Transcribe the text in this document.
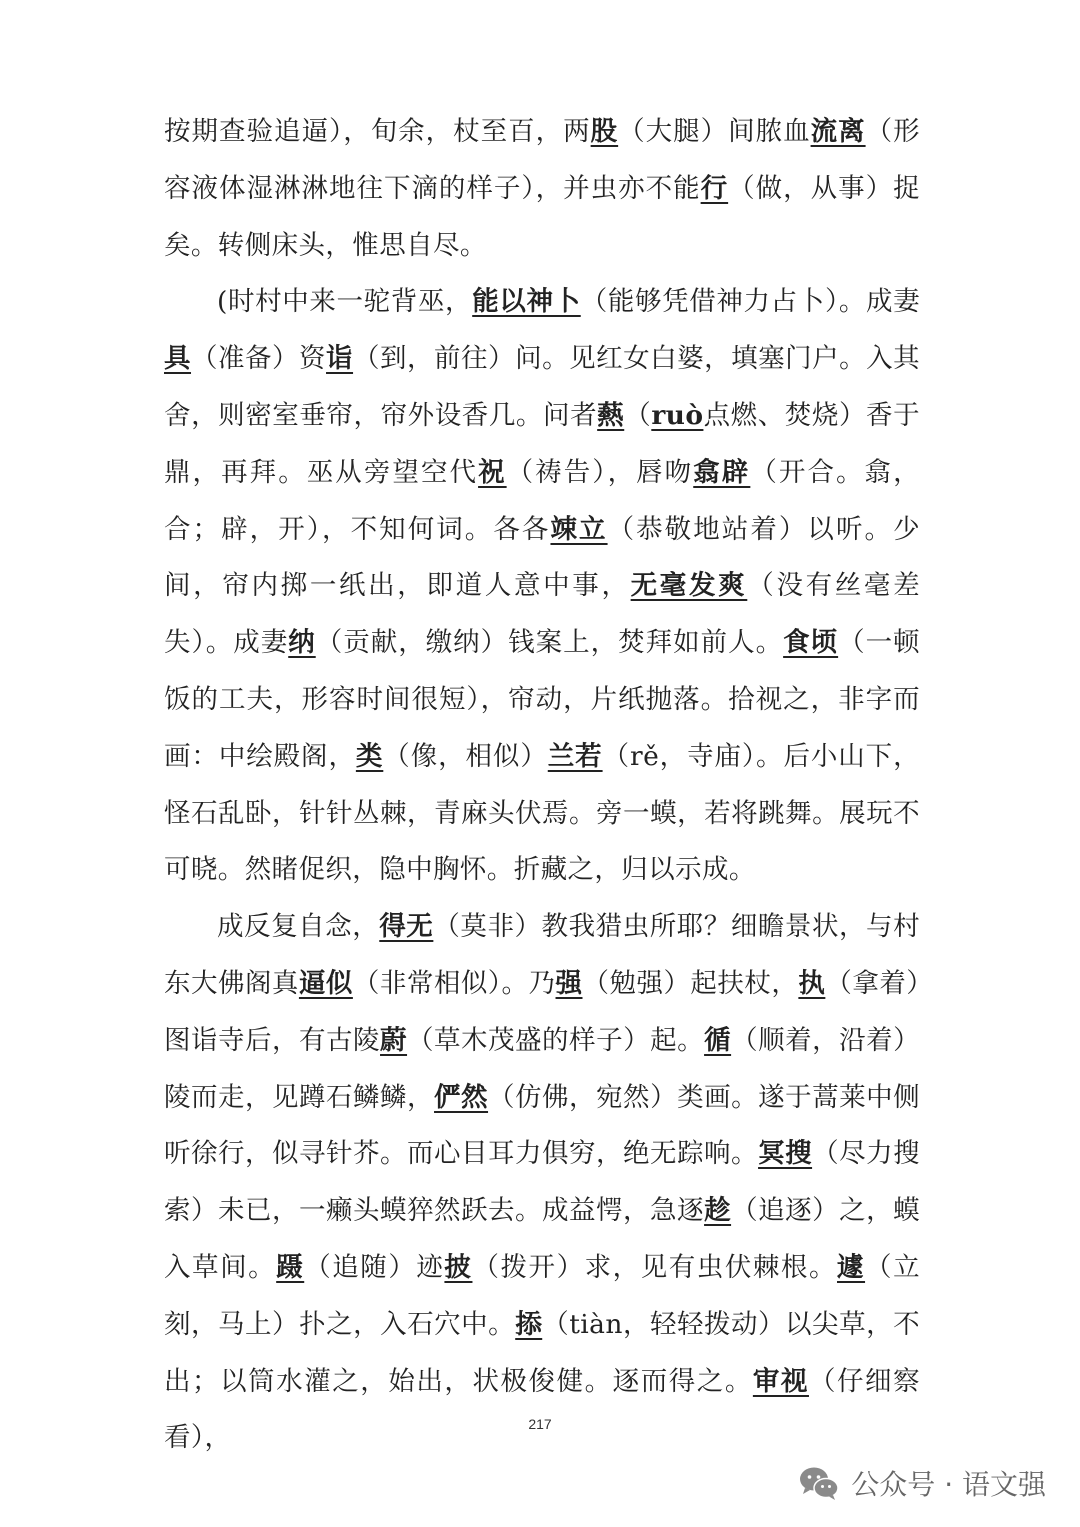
按期查验追逼），旬余，杖至百，两股（大腿）间脓血流离（形容液体湿淋淋地往下滴的样子），并虫亦不能行（做，从事）捉矣。转侧床头，惟思自尽。

(时村中来一驼背巫，能以神卜（能够凭借神力占卜）。成妻具（准备）资诣（到，前往）问。见红女白婆，填塞门户。入其舍，则密室垂帘，帘外设香几。问者爇（ruò点燃、焚烧）香于鼎，再拜。巫从旁望空代祝（祷告），唇吻翕辟（开合。翕，合；辟，开），不知何词。各各竦立（恭敬地站着）以听。少间，帘内掷一纸出，即道人意中事，无毫发爽（没有丝毫差失）。成妻纳（贡献，缴纳）钱案上，焚拜如前人。食顷（一顿饭的工夫，形容时间很短），帘动，片纸抛落。拾视之，非字而画：中绘殿阁，类（像，相似）兰若（rě，寺庙）。后小山下，怪石乱卧，针针丛棘，青麻头伏焉。旁一蟆，若将跳舞。展玩不可晓。然睹促织，隐中胸怀。折藏之，归以示成。

成反复自念，得无（莫非）教我猎虫所耶？细瞻景状，与村东大佛阁真逼似（非常相似）。乃强（勉强）起扶杖，执（拿着）图诣寺后，有古陵蔚（草木茂盛的样子）起。循（顺着，沿着）陵而走，见蹲石鳞鳞，俨然（仿佛，宛然）类画。遂于蒿莱中侧听徐行，似寻针芥。而心目耳力俱穷，绝无踪响。冥搜（尽力搜索）未已，一癞头蟆猝然跃去。成益愕，急逐趁（追逐）之，蟆入草间。蹑（追随）迹披（拨开）求，见有虫伏棘根。遽（立刻，马上）扑之，入石穴中。掭（tiàn，轻轻拨动）以尖草，不出；以筒水灌之，始出，状极俊健。逐而得之。审视（仔细察看），	217
公众号 · 语文强
